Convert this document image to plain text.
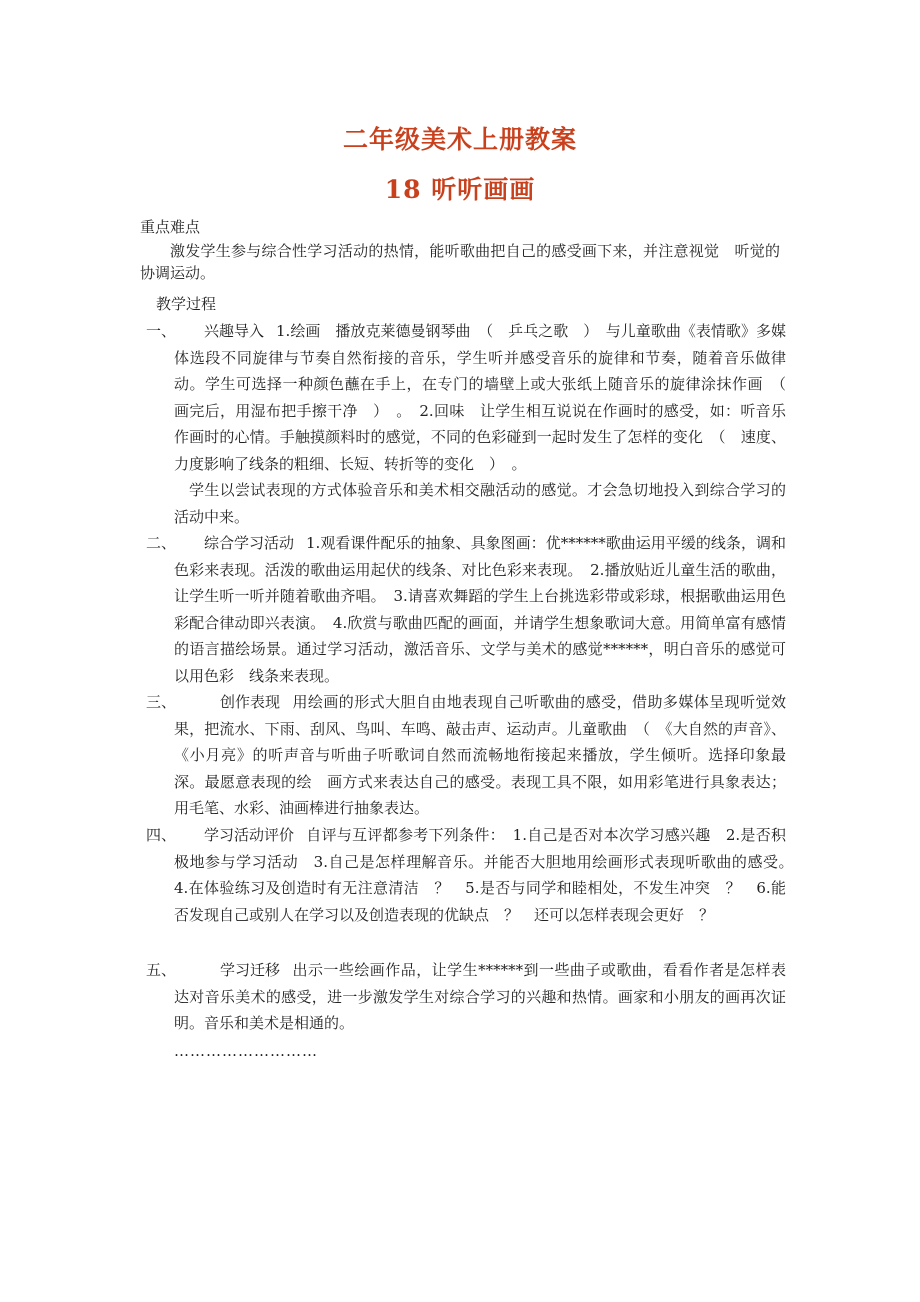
二年级美术上册教案
18 听听画画
重点难点
激发学生参与综合性学习活动的热情，能听歌曲把自己的感受画下来，并注意视觉　听觉的协调运动。
教学过程
一、	兴趣导入 1.绘画　播放克莱德曼钢琴曲　（　乒乓之歌　）　与儿童歌曲《表情歌》多媒体选段不同旋律与节奏自然衔接的音乐，学生听并感受音乐的旋律和节奏，随着音乐做律动。学生可选择一种颜色蘸在手上，在专门的墙壁上或大张纸上随音乐的旋律涂抹作画　（　画完后，用湿布把手擦干净　）　。　2.回味　让学生相互说说在作画时的感受，如：听音乐作画时的心情。手触摸颜料时的感觉，不同的色彩碰到一起时发生了怎样的变化　（　速度、力度影响了线条的粗细、长短、转折等的变化　）　。
学生以尝试表现的方式体验音乐和美术相交融活动的感觉。才会急切地投入到综合学习的活动中来。
二、	综合学习活动 1.观看课件配乐的抽象、具象图画：优******歌曲运用平缓的线条，调和色彩来表现。活泼的歌曲运用起伏的线条、对比色彩来表现。　2.播放贴近儿童生活的歌曲，让学生听一听并随着歌曲齐唱。　3.请喜欢舞蹈的学生上台挑选彩带或彩球，根据歌曲运用色彩配合律动即兴表演。　4.欣赏与歌曲匹配的画面，并请学生想象歌词大意。用简单富有感情的语言描绘场景。通过学习活动，激活音乐、文学与美术的感觉******，明白音乐的感觉可以用色彩　线条来表现。
三、	创作表现 用绘画的形式大胆自由地表现自己听歌曲的感受，借助多媒体呈现听觉效果，把流水、下雨、刮风、鸟叫、车鸣、敲击声、运动声。儿童歌曲　（　《大自然的声音》、《小月亮》的听声音与听曲子听歌词自然而流畅地衔接起来播放，学生倾听。选择印象最深。最愿意表现的绘　画方式来表达自己的感受。表现工具不限，如用彩笔进行具象表达；用毛笔、水彩、油画棒进行抽象表达。
四、	学习活动评价 自评与互评都参考下列条件：　1.自己是否对本次学习感兴趣　2.是否积极地参与学习活动　3.自己是怎样理解音乐。并能否大胆地用绘画形式表现听歌曲的感受。　4.在体验练习及创造时有无注意清洁　？　5.是否与同学和睦相处，不发生冲突　？　6.能否发现自己或别人在学习以及创造表现的优缺点　？　还可以怎样表现会更好　？
五、	学习迁移 出示一些绘画作品，让学生******到一些曲子或歌曲，看看作者是怎样表达对音乐美术的感受，进一步激发学生对综合学习的兴趣和热情。画家和小朋友的画再次证明。音乐和美术是相通的。
………………………
